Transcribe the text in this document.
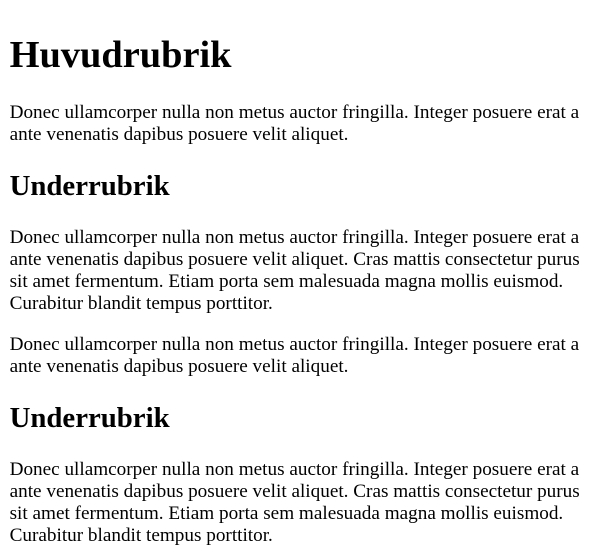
Huvudrubrik

Donec ullamcorper nulla non metus auctor fringilla. Integer posuere erat a ante venenatis dapibus posuere velit aliquet.

Underrubrik

Donec ullamcorper nulla non metus auctor fringilla. Integer posuere erat a ante venenatis dapibus posuere velit aliquet. Cras mattis consectetur purus sit amet fermentum. Etiam porta sem malesuada magna mollis euismod. Curabitur blandit tempus porttitor.

Donec ullamcorper nulla non metus auctor fringilla. Integer posuere erat a ante venenatis dapibus posuere velit aliquet.

Underrubrik

Donec ullamcorper nulla non metus auctor fringilla. Integer posuere erat a ante venenatis dapibus posuere velit aliquet. Cras mattis consectetur purus sit amet fermentum. Etiam porta sem malesuada magna mollis euismod. Curabitur blandit tempus porttitor.
